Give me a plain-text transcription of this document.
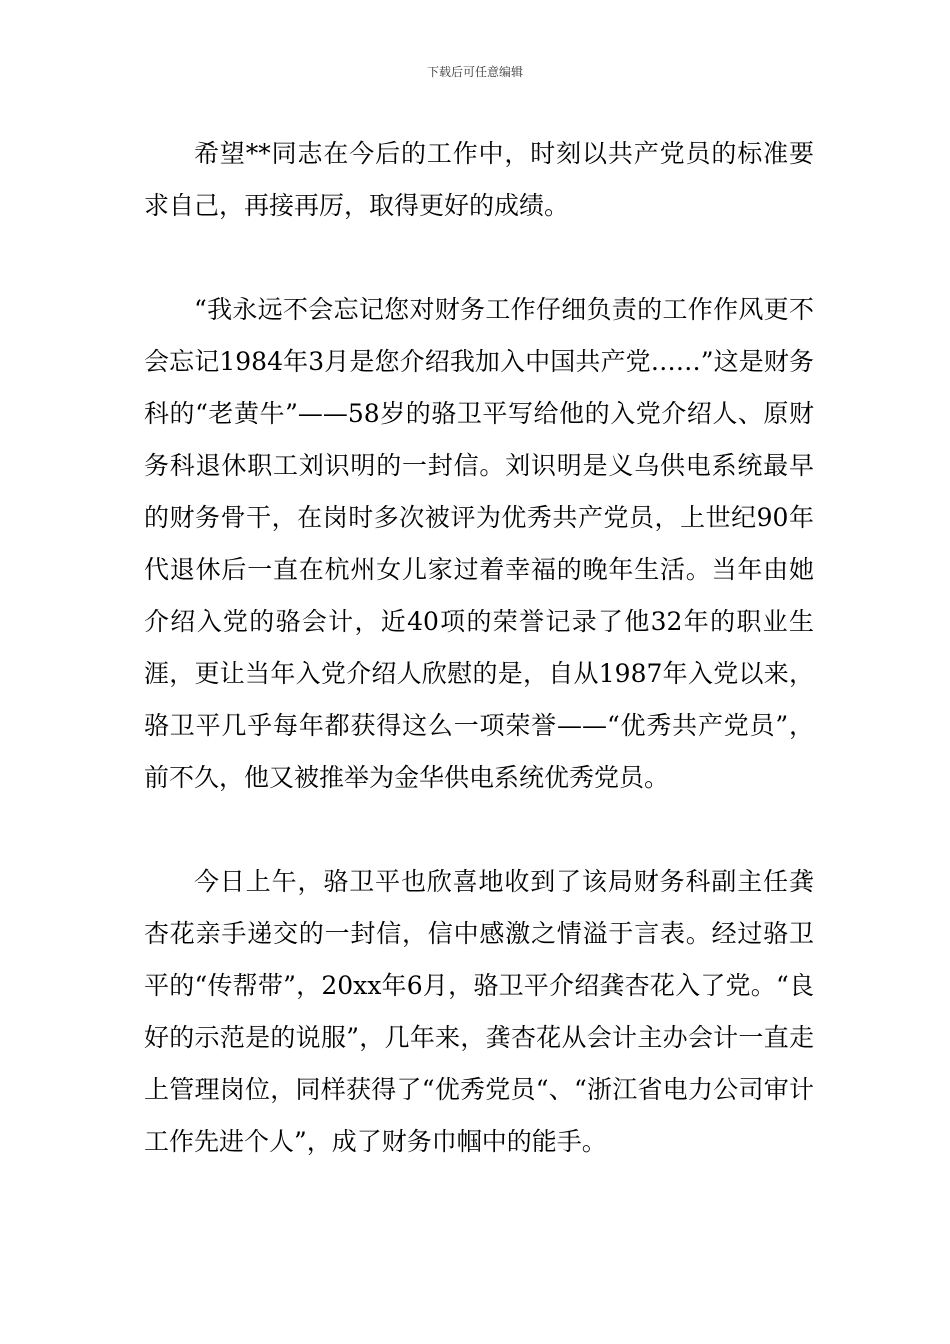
下载后可任意编辑

希望**同志在今后的工作中，时刻以共产党员的标准要求自己，再接再厉，取得更好的成绩。

“我永远不会忘记您对财务工作仔细负责的工作作风更不会忘记1984年3月是您介绍我加入中国共产党……”这是财务科的“老黄牛”——58岁的骆卫平写给他的入党介绍人、原财务科退休职工刘识明的一封信。刘识明是义乌供电系统最早的财务骨干，在岗时多次被评为优秀共产党员，上世纪90年代退休后一直在杭州女儿家过着幸福的晚年生活。当年由她介绍入党的骆会计，近40项的荣誉记录了他32年的职业生涯，更让当年入党介绍人欣慰的是，自从1987年入党以来，骆卫平几乎每年都获得这么一项荣誉——“优秀共产党员”，前不久，他又被推举为金华供电系统优秀党员。

今日上午，骆卫平也欣喜地收到了该局财务科副主任龚杏花亲手递交的一封信，信中感激之情溢于言表。经过骆卫平的“传帮带”，20xx年6月，骆卫平介绍龚杏花入了党。“良好的示范是的说服”，几年来，龚杏花从会计主办会计一直走上管理岗位，同样获得了“优秀党员“、“浙江省电力公司审计工作先进个人”，成了财务巾帼中的能手。
